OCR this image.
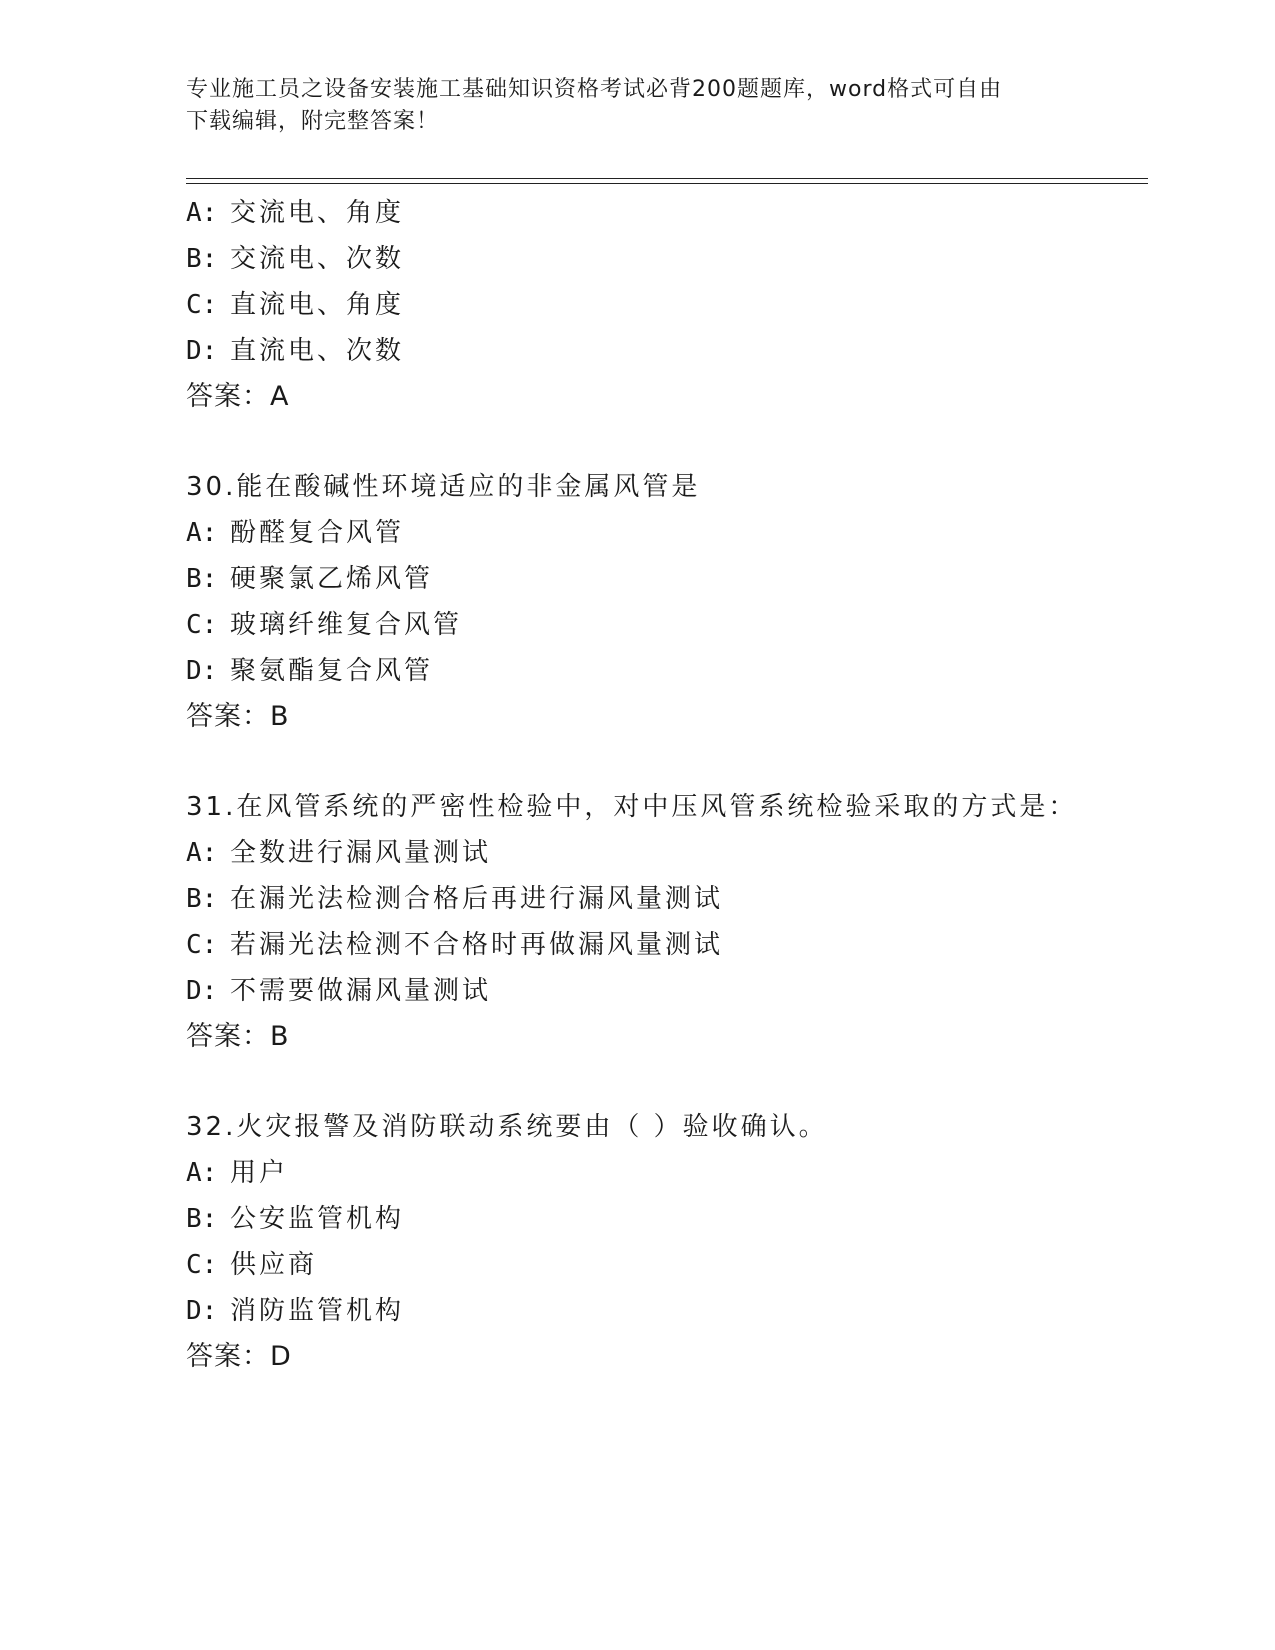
专业施工员之设备安装施工基础知识资格考试必背200题题库，word格式可自由
下载编辑，附完整答案！
A: 交流电、角度
B: 交流电、次数
C: 直流电、角度
D: 直流电、次数
答案：A
30.能在酸碱性环境适应的非金属风管是
A: 酚醛复合风管
B: 硬聚氯乙烯风管
C: 玻璃纤维复合风管
D: 聚氨酯复合风管
答案：B
31.在风管系统的严密性检验中，对中压风管系统检验采取的方式是：
A: 全数进行漏风量测试
B: 在漏光法检测合格后再进行漏风量测试
C: 若漏光法检测不合格时再做漏风量测试
D: 不需要做漏风量测试
答案：B
32.火灾报警及消防联动系统要由（ ）验收确认。
A: 用户
B: 公安监管机构
C: 供应商
D: 消防监管机构
答案：D
